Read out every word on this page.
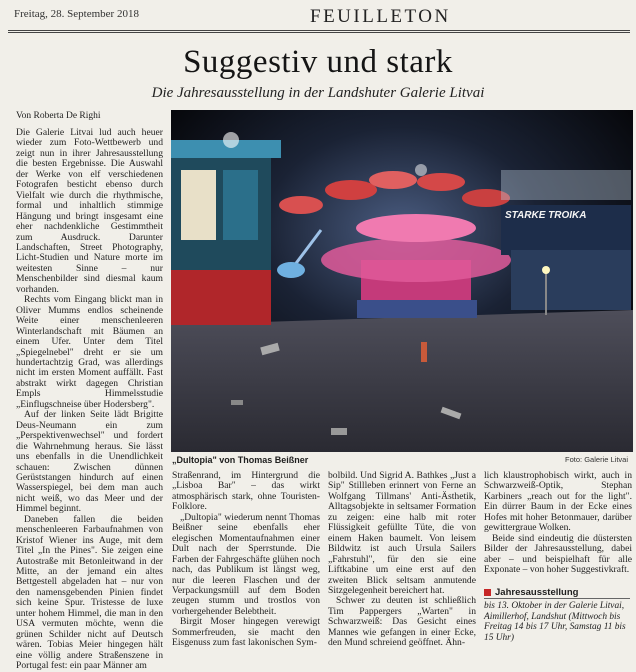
Freitag, 28. September 2018	FEUILLETON
Suggestiv und stark
Die Jahresausstellung in der Landshuter Galerie Litvai
Von Roberta De Righi

Die Galerie Litvai lud auch heuer wieder zum Foto-Wettbewerb und zeigt nun in ihrer Jahresausstellung die besten Ergebnisse. Die Auswahl der Werke von elf verschiedenen Fotografen besticht ebenso durch Vielfalt wie durch die rhythmische, formal und inhaltlich stimmige Hängung und bringt insgesamt eine eher nachdenkliche Gestimmtheit zum Ausdruck. Darunter Landschaften, Street Photography, Licht-Studien und Nature morte im weitesten Sinne – nur Menschenbilder sind diesmal kaum vorhanden.

Rechts vom Eingang blickt man in Oliver Mumms endlos scheinende Weite einer menschenleeren Winterlandschaft mit Bäumen an einem Ufer. Unter dem Titel „Spiegelnebel" dreht er sie um hundertachtzig Grad, was allerdings nicht im ersten Moment auffällt. Fast abstrakt wirkt dagegen Christian Empls Himmelsstudie „Einflugschneise über Hodersberg".

Auf der linken Seite lädt Brigitte Deus-Neumann ein zum „Perspektivenwechsel" und fordert die Wahrnehmung heraus. Sie lässt uns ebenfalls in die Unendlichkeit schauen: Zwischen dünnen Gerüststangen hindurch auf einen Wasserspiegel, bei dem man auch nicht weiß, wo das Meer und der Himmel beginnt.

Daneben fallen die beiden menschenleeren Farbaufnahmen von Kristof Wiener ins Auge, mit dem Titel „In the Pines". Sie zeigen eine Autostraße mit Betonleitwand in der Mitte, an der jemand ein altes Bettgestell abgeladen hat – nur von den namensgebenden Pinien findet sich keine Spur. Tristesse de luxe unter hohem Himmel, die man in den USA vermuten möchte, wenn die grünen Schilder nicht auf Deutsch wären. Tobias Meier hingegen hält eine völlig andere Straßenszene in Portugal fest: ein paar Männer am

STARKE TROIKA
„Dultopia" von Thomas Beißner	Foto: Galerie Litvai

Straßenrand, im Hintergrund die „Lisboa Bar" – das wirkt atmosphärisch stark, ohne Touristen-Folklore.

„Dultopia" wiederum nennt Thomas Beißner seine ebenfalls eher elegischen Momentaufnahmen einer Dult nach der Sperrstunde. Die Farben der Fahrgeschäfte glühen noch nach, das Publikum ist längst weg, nur die leeren Flaschen und der Verpackungsmüll auf dem Boden zeugen stumm und trostlos von vorhergehender Belebtheit.

Birgit Moser hingegen verewigt Sommerfreuden, sie macht den Eisgenuss zum fast lakonischen Sym-

bolbild. Und Sigrid A. Bathkes „Just a Sip" Stillleben erinnert von Ferne an Wolfgang Tillmans' Anti-Ästhetik, Alltagsobjekte in seltsamer Formation zu zeigen: eine halb mit roter Flüssigkeit gefüllte Tüte, die von einem Haken baumelt. Von leisem Bildwitz ist auch Ursula Sailers „Fahrstuhl", für den sie eine Liftkabine um eine erst auf den zweiten Blick seltsam anmutende Sitzgelegenheit bereichert hat.

Schwer zu deuten ist schließlich Tim Pappergers „Warten" in Schwarzweiß: Das Gesicht eines Mannes wie gefangen in einer Ecke, den Mund schreiend geöffnet. Ähn-

lich klaustrophobisch wirkt, auch in Schwarzweiß-Optik, Stephan Karbiners „reach out for the light". Ein dürrer Baum in der Ecke eines Hofes mit hoher Betonmauer, darüber gewittergraue Wolken.

Beide sind eindeutig die düstersten Bilder der Jahresausstellung, dabei aber – und beispielhaft für alle Exponate – von hoher Suggestivkraft.

Jahresausstellung
bis 13. Oktober in der Galerie Litvai, Aimillerhof, Landshut (Mittwoch bis Freitag 14 bis 17 Uhr, Samstag 11 bis 15 Uhr)
